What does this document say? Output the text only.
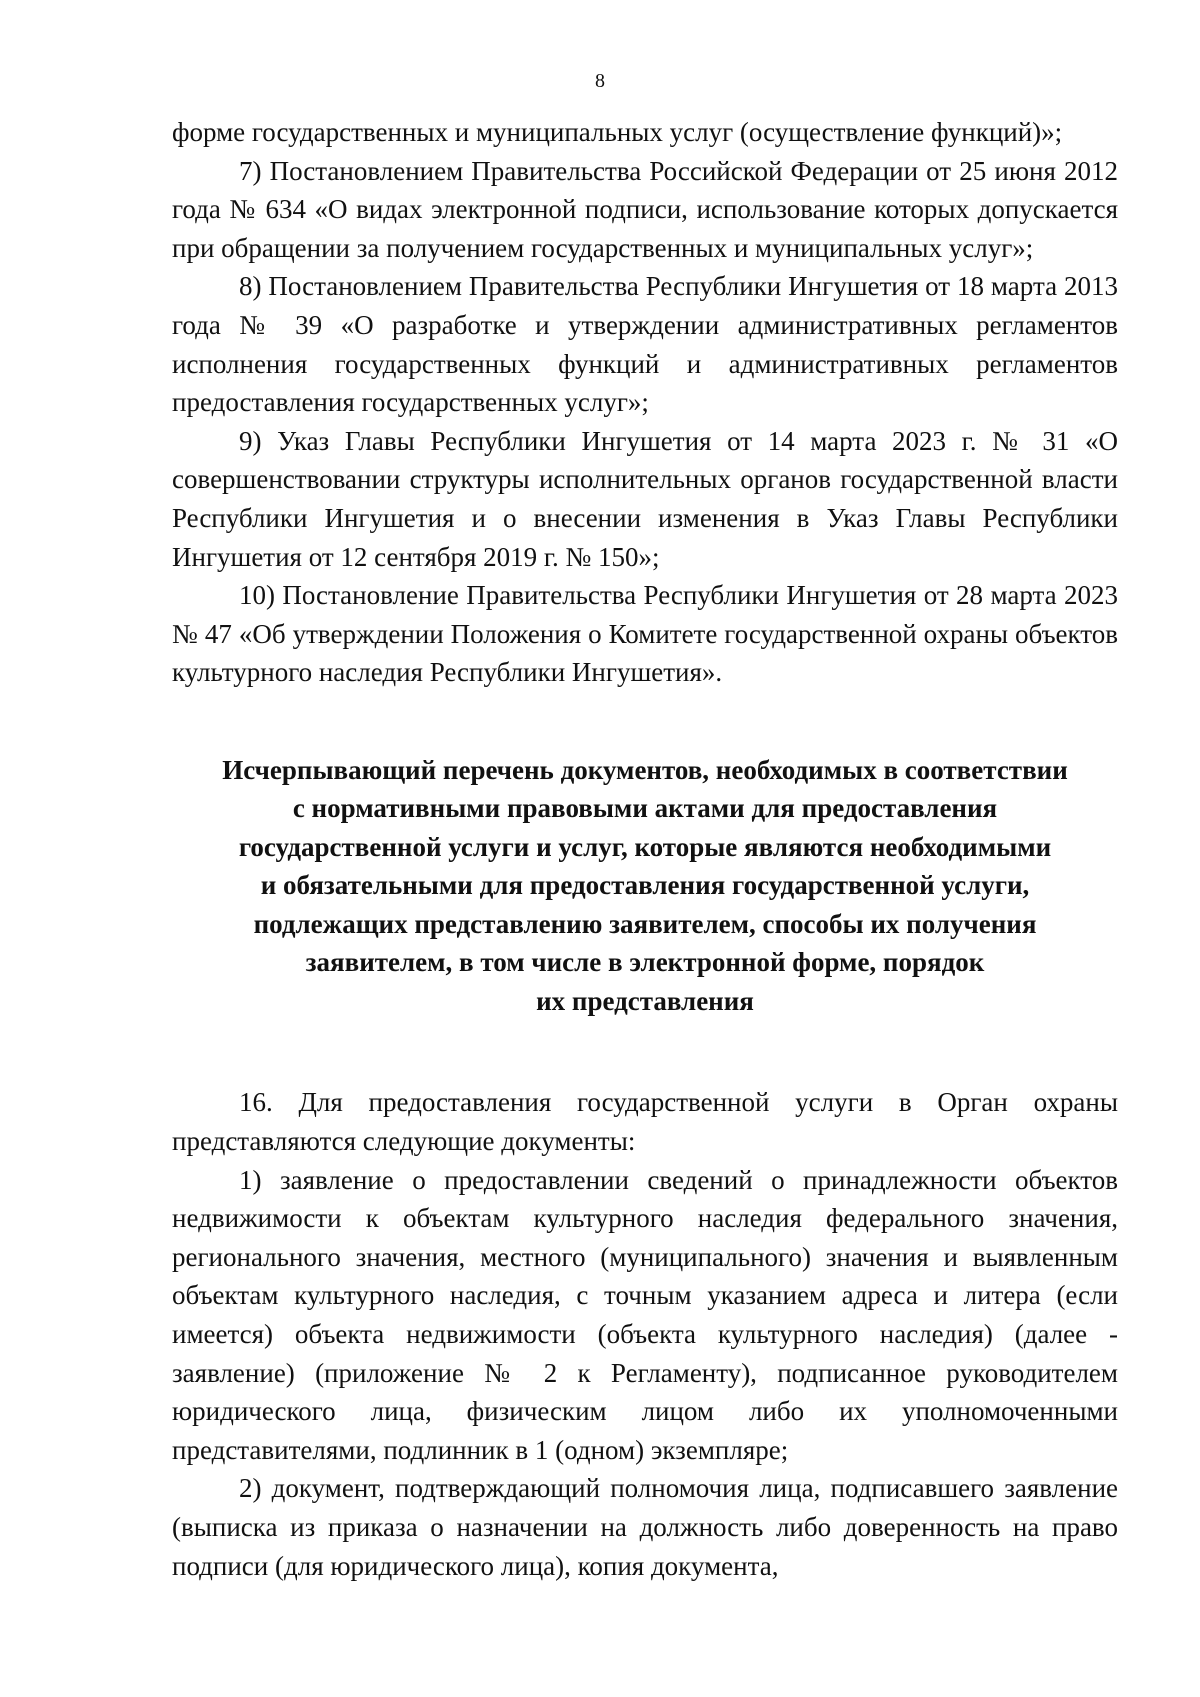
8

форме государственных и муниципальных услуг (осуществление функций)»;

7) Постановлением Правительства Российской Федерации от 25 июня 2012 года № 634 «О видах электронной подписи, использование которых допускается при обращении за получением государственных и муниципальных услуг»;

8) Постановлением Правительства Республики Ингушетия от 18 марта 2013 года № 39 «О разработке и утверждении административных регламентов исполнения государственных функций и административных регламентов предоставления государственных услуг»;

9) Указ Главы Республики Ингушетия от 14 марта 2023 г. № 31 «О совершенствовании структуры исполнительных органов государственной власти Республики Ингушетия и о внесении изменения в Указ Главы Республики Ингушетия от 12 сентября 2019 г. № 150»;

10) Постановление Правительства Республики Ингушетия от 28 марта 2023 № 47 «Об утверждении Положения о Комитете государственной охраны объектов культурного наследия Республики Ингушетия».

Исчерпывающий перечень документов, необходимых в соответствии
с нормативными правовыми актами для предоставления
государственной услуги и услуг, которые являются необходимыми
и обязательными для предоставления государственной услуги,
подлежащих представлению заявителем, способы их получения
заявителем, в том числе в электронной форме, порядок
их представления

16. Для предоставления государственной услуги в Орган охраны представляются следующие документы:

1) заявление о предоставлении сведений о принадлежности объектов недвижимости к объектам культурного наследия федерального значения, регионального значения, местного (муниципального) значения и выявленным объектам культурного наследия, с точным указанием адреса и литера (если имеется) объекта недвижимости (объекта культурного наследия) (далее - заявление) (приложение № 2 к Регламенту), подписанное руководителем юридического лица, физическим лицом либо их уполномоченными представителями, подлинник в 1 (одном) экземпляре;

2) документ, подтверждающий полномочия лица, подписавшего заявление (выписка из приказа о назначении на должность либо доверенность на право подписи (для юридического лица), копия документа,
